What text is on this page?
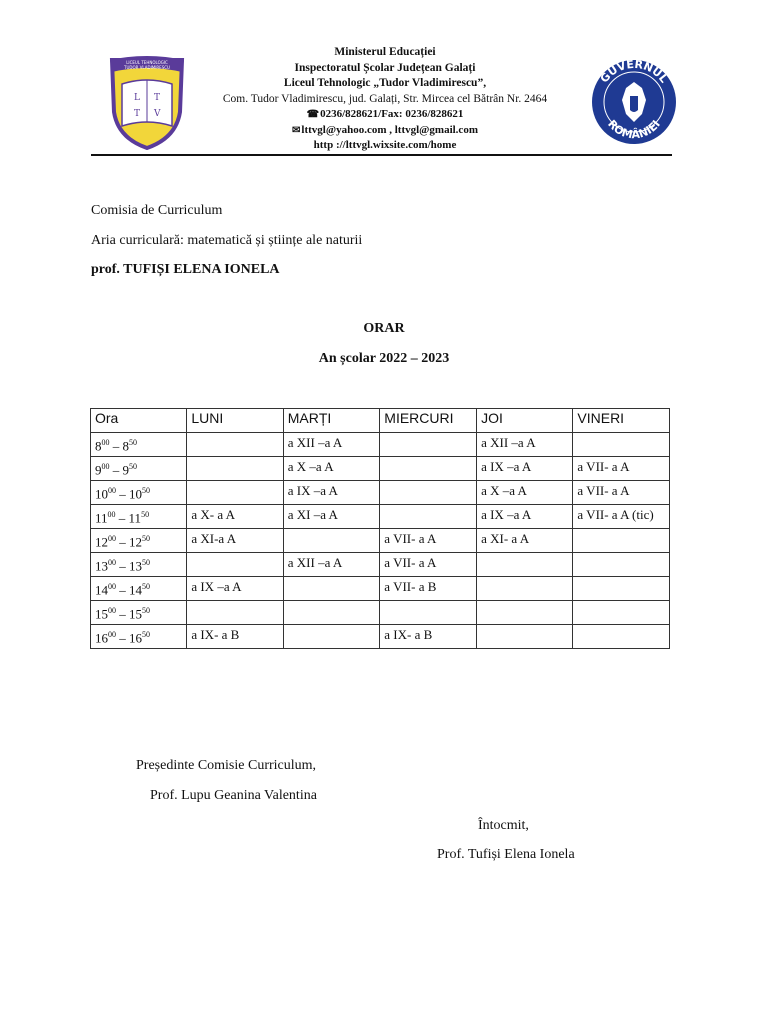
LICEUL TEHNOLOGIC
TUDOR VLADIMIRESCU
L T
T V
Ministerul Educației
Inspectoratul Școlar Județean Galați
Liceul Tehnologic „Tudor Vladimirescu”,
Com. Tudor Vladimirescu, jud. Galați, Str. Mircea cel Bătrân Nr. 2464
☎0236/828621/Fax: 0236/828621
✉lttvgl@yahoo.com , lttvgl@gmail.com
http ://lttvgl.wixsite.com/home
GUVERNUL
ROMÂNIEI
Comisia de Curriculum
Aria curriculară: matematică și științe ale naturii
prof. TUFIȘI ELENA IONELA
ORAR
An școlar 2022 – 2023
Ora	LUNI	MARȚI	MIERCURI	JOI	VINERI
$8^{00} - 8^{50}$		a XII –a A		a XII –a A	
$9^{00} - 9^{50}$		a X –a A		a IX –a A	a VII- a A
$10^{00} - 10^{50}$		a IX –a A		a X –a A	a VII- a A
$11^{00} - 11^{50}$	a X- a A	a XI –a A		a IX –a A	a VII- a A (tic)
$12^{00} - 12^{50}$	a XI-a A		a VII- a A	a XI- a A	
$13^{00} - 13^{50}$		a XII –a A	a VII- a A		
$14^{00} - 14^{50}$	a IX –a A		a VII- a B		
$15^{00} - 15^{50}$					
$16^{00} - 16^{50}$	a IX- a B		a IX- a B		
Președinte Comisie Curriculum,
Prof. Lupu Geanina Valentina
Întocmit,
Prof. Tufiși Elena Ionela
